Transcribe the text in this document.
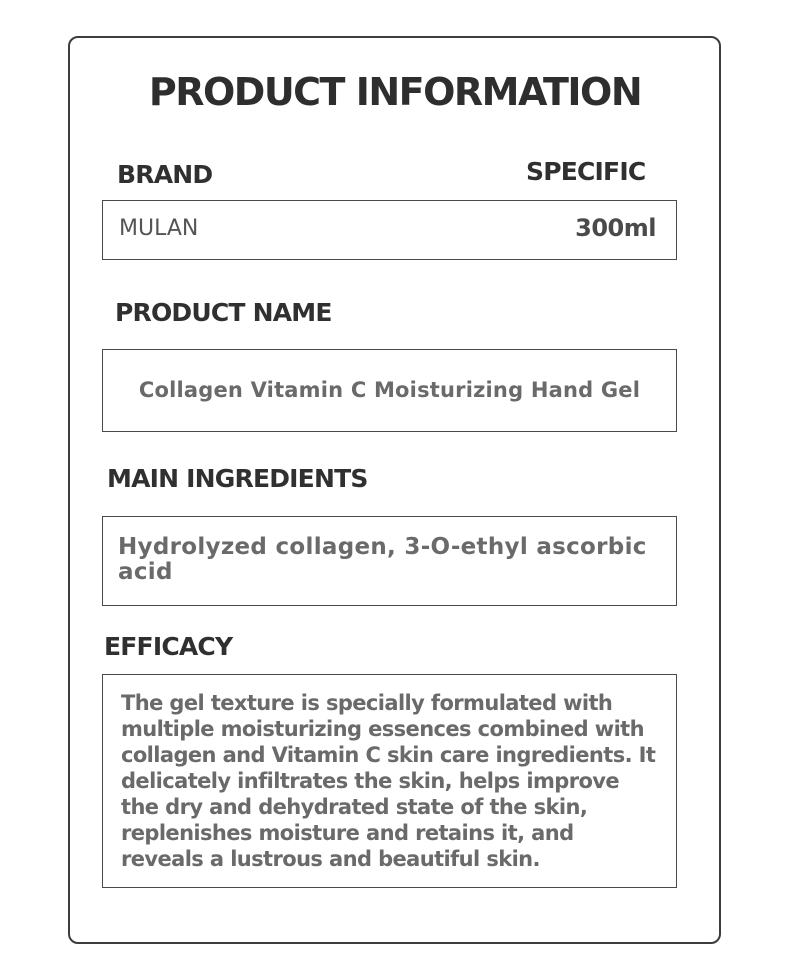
PRODUCT INFORMATION
BRAND	SPECIFIC
MULAN	300ml
PRODUCT NAME
Collagen Vitamin C Moisturizing Hand Gel
MAIN INGREDIENTS
Hydrolyzed collagen, 3-O-ethyl ascorbic acid
EFFICACY
The gel texture is specially formulated with multiple moisturizing essences combined with collagen and Vitamin C skin care ingredients. It delicately infiltrates the skin, helps improve the dry and dehydrated state of the skin, replenishes moisture and retains it, and reveals a lustrous and beautiful skin.
